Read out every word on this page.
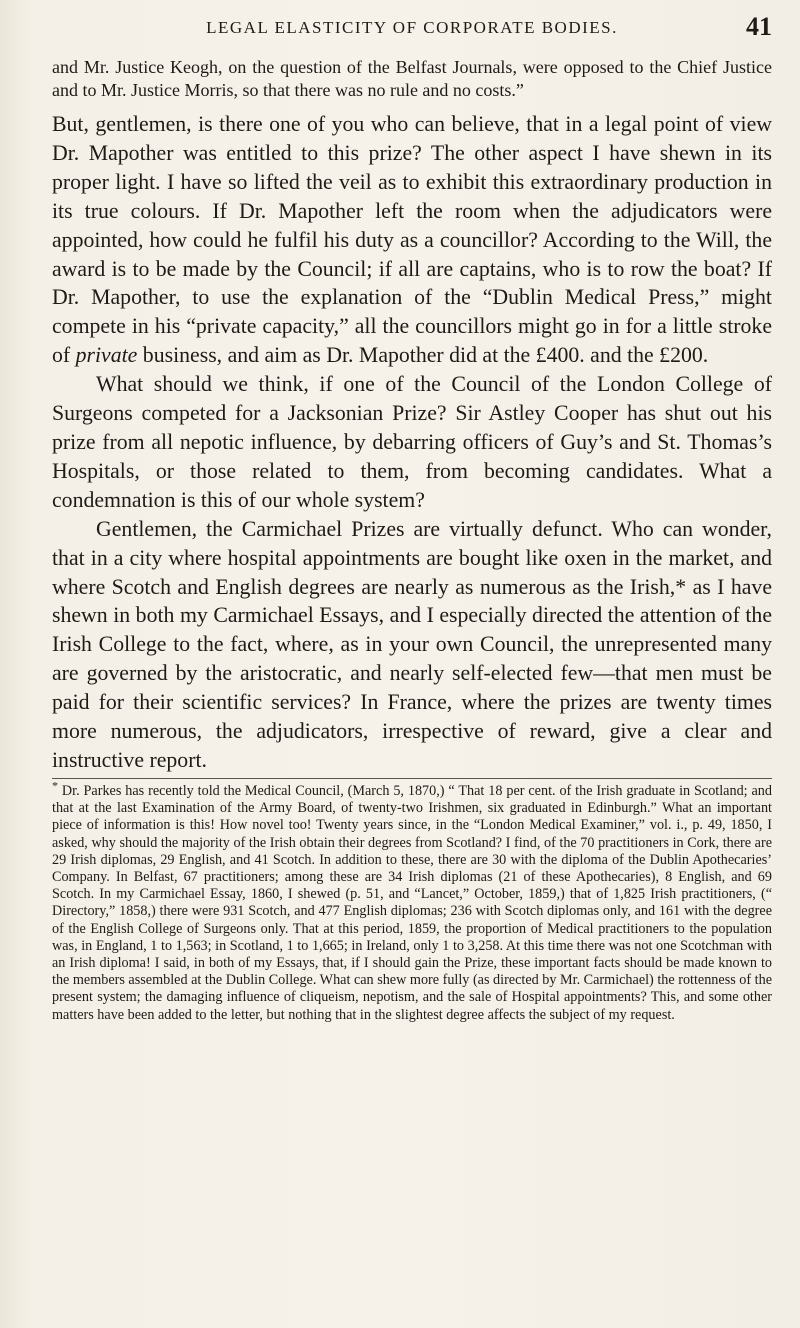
LEGAL ELASTICITY OF CORPORATE BODIES.	41

and Mr. Justice Keogh, on the question of the Belfast Journals, were opposed to the Chief Justice and to Mr. Justice Morris, so that there was no rule and no costs.”

But, gentlemen, is there one of you who can believe, that in a legal point of view Dr. Mapother was entitled to this prize? The other aspect I have shewn in its proper light. I have so lifted the veil as to exhibit this extraordinary production in its true colours. If Dr. Mapother left the room when the adjudicators were appointed, how could he fulfil his duty as a councillor? According to the Will, the award is to be made by the Council; if all are captains, who is to row the boat? If Dr. Mapother, to use the explanation of the “Dublin Medical Press,” might compete in his “private capacity,” all the councillors might go in for a little stroke of private business, and aim as Dr. Mapother did at the £400. and the £200.

What should we think, if one of the Council of the London College of Surgeons competed for a Jacksonian Prize? Sir Astley Cooper has shut out his prize from all nepotic influence, by debarring officers of Guy’s and St. Thomas’s Hospitals, or those related to them, from becoming candidates. What a condemnation is this of our whole system?

Gentlemen, the Carmichael Prizes are virtually defunct. Who can wonder, that in a city where hospital appointments are bought like oxen in the market, and where Scotch and English degrees are nearly as numerous as the Irish,* as I have shewn in both my Carmichael Essays, and I especially directed the attention of the Irish College to the fact, where, as in your own Council, the unrepresented many are governed by the aristocratic, and nearly self-elected few—that men must be paid for their scientific services? In France, where the prizes are twenty times more numerous, the adjudicators, irrespective of reward, give a clear and instructive report.

* Dr. Parkes has recently told the Medical Council, (March 5, 1870,) “ That 18 per cent. of the Irish graduate in Scotland; and that at the last Examination of the Army Board, of twenty-two Irishmen, six graduated in Edinburgh.” What an important piece of information is this! How novel too! Twenty years since, in the “London Medical Examiner,” vol. i., p. 49, 1850, I asked, why should the majority of the Irish obtain their degrees from Scotland? I find, of the 70 practitioners in Cork, there are 29 Irish diplomas, 29 English, and 41 Scotch. In addition to these, there are 30 with the diploma of the Dublin Apothecaries’ Company. In Belfast, 67 practitioners; among these are 34 Irish diplomas (21 of these Apothecaries), 8 English, and 69 Scotch. In my Carmichael Essay, 1860, I shewed (p. 51, and “Lancet,” October, 1859,) that of 1,825 Irish practitioners, (“ Directory,” 1858,) there were 931 Scotch, and 477 English diplomas; 236 with Scotch diplomas only, and 161 with the degree of the English College of Surgeons only. That at this period, 1859, the proportion of Medical practitioners to the population was, in England, 1 to 1,563; in Scotland, 1 to 1,665; in Ireland, only 1 to 3,258. At this time there was not one Scotchman with an Irish diploma! I said, in both of my Essays, that, if I should gain the Prize, these important facts should be made known to the members assembled at the Dublin College. What can shew more fully (as directed by Mr. Carmichael) the rottenness of the present system; the damaging influence of cliqueism, nepotism, and the sale of Hospital appointments? This, and some other matters have been added to the letter, but nothing that in the slightest degree affects the subject of my request.
